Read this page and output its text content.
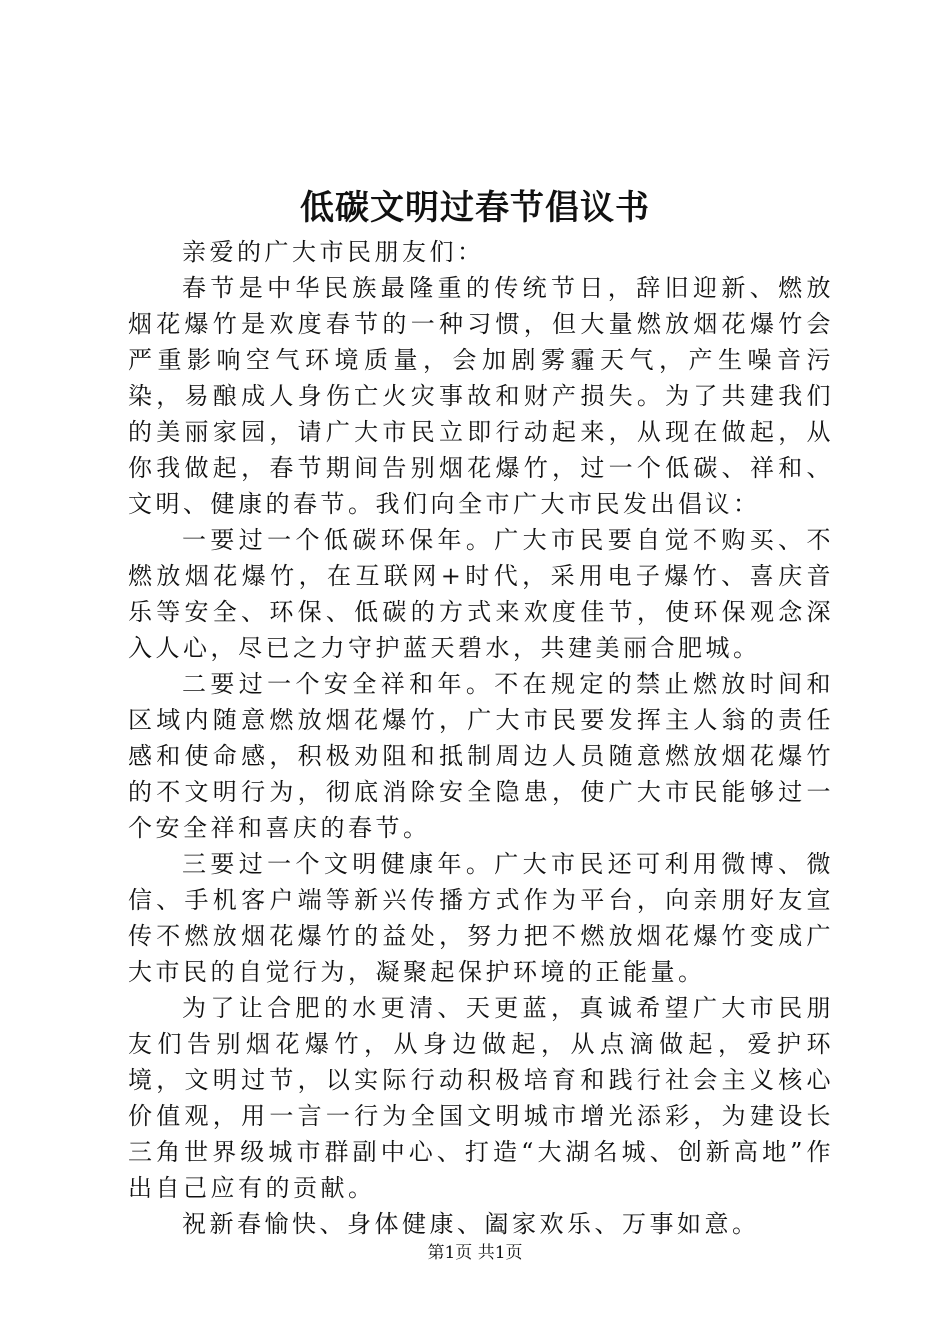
低碳文明过春节倡议书

亲爱的广大市民朋友们：

春节是中华民族最隆重的传统节日，辞旧迎新、燃放烟花爆竹是欢度春节的一种习惯，但大量燃放烟花爆竹会严重影响空气环境质量，会加剧雾霾天气，产生噪音污染，易酿成人身伤亡火灾事故和财产损失。为了共建我们的美丽家园，请广大市民立即行动起来，从现在做起，从你我做起，春节期间告别烟花爆竹，过一个低碳、祥和、文明、健康的春节。我们向全市广大市民发出倡议：

一要过一个低碳环保年。广大市民要自觉不购买、不燃放烟花爆竹，在互联网+时代，采用电子爆竹、喜庆音乐等安全、环保、低碳的方式来欢度佳节，使环保观念深入人心，尽已之力守护蓝天碧水，共建美丽合肥城。

二要过一个安全祥和年。不在规定的禁止燃放时间和区域内随意燃放烟花爆竹，广大市民要发挥主人翁的责任感和使命感，积极劝阻和抵制周边人员随意燃放烟花爆竹的不文明行为，彻底消除安全隐患，使广大市民能够过一个安全祥和喜庆的春节。

三要过一个文明健康年。广大市民还可利用微博、微信、手机客户端等新兴传播方式作为平台，向亲朋好友宣传不燃放烟花爆竹的益处，努力把不燃放烟花爆竹变成广大市民的自觉行为，凝聚起保护环境的正能量。

为了让合肥的水更清、天更蓝，真诚希望广大市民朋友们告别烟花爆竹，从身边做起，从点滴做起，爱护环境，文明过节，以实际行动积极培育和践行社会主义核心价值观，用一言一行为全国文明城市增光添彩，为建设长三角世界级城市群副中心、打造“大湖名城、创新高地”作出自己应有的贡献。

祝新春愉快、身体健康、阖家欢乐、万事如意。

第1页 共1页
